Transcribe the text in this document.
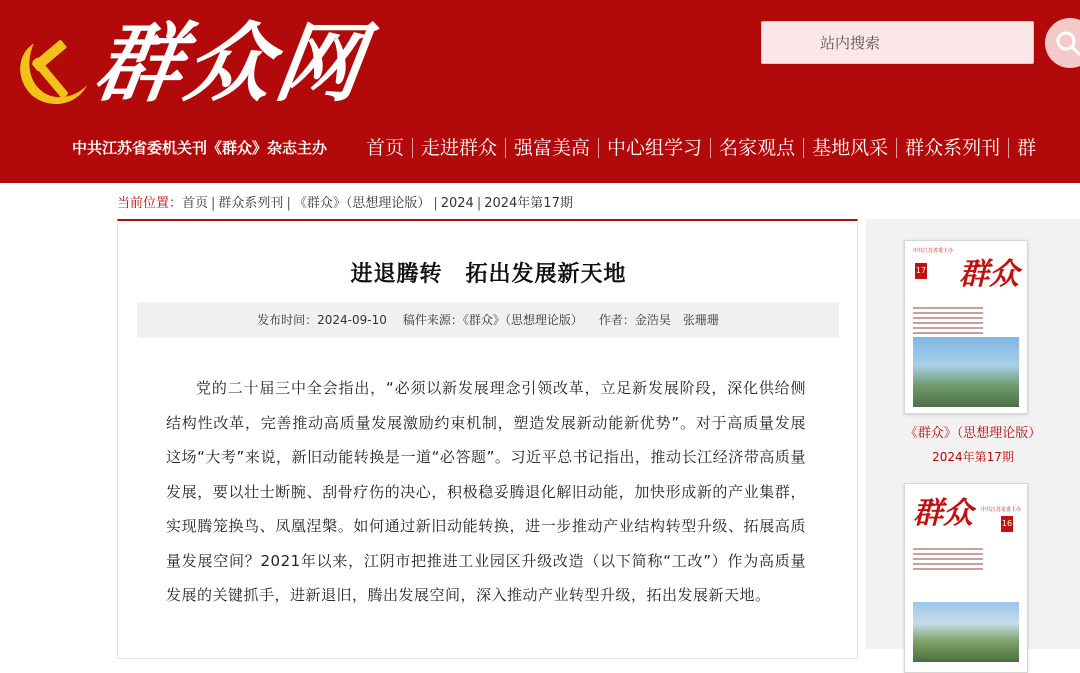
群众网
站内搜索
中共江苏省委机关刊《群众》杂志主办	首页 走进群众 强富美高 中心组学习 名家观点 基地风采 群众系列刊 群
当前位置：首页 | 群众系列刊 | 《群众》（思想理论版） | 2024 | 2024年第17期
进退腾转　拓出发展新天地
发布时间：2024-09-10 稿件来源：《群众》（思想理论版） 作者：金浩昊　张珊珊
党的二十届三中全会指出，“必须以新发展理念引领改革，立足新发展阶段，深化供给侧结构性改革，完善推动高质量发展激励约束机制，塑造发展新动能新优势”。对于高质量发展这场“大考”来说，新旧动能转换是一道“必答题”。习近平总书记指出，推动长江经济带高质量发展，要以壮士断腕、刮骨疗伤的决心，积极稳妥腾退化解旧动能，加快形成新的产业集群，实现腾笼换鸟、凤凰涅槃。如何通过新旧动能转换，进一步推动产业结构转型升级、拓展高质量发展空间？2021年以来，江阴市把推进工业园区升级改造（以下简称“工改”）作为高质量发展的关键抓手，进新退旧，腾出发展空间，深入推动产业转型升级，拓出发展新天地。
中共江苏省委主办
17 群众
《群众》（思想理论版）
2024年第17期
群众 中共江苏省委主办
16
